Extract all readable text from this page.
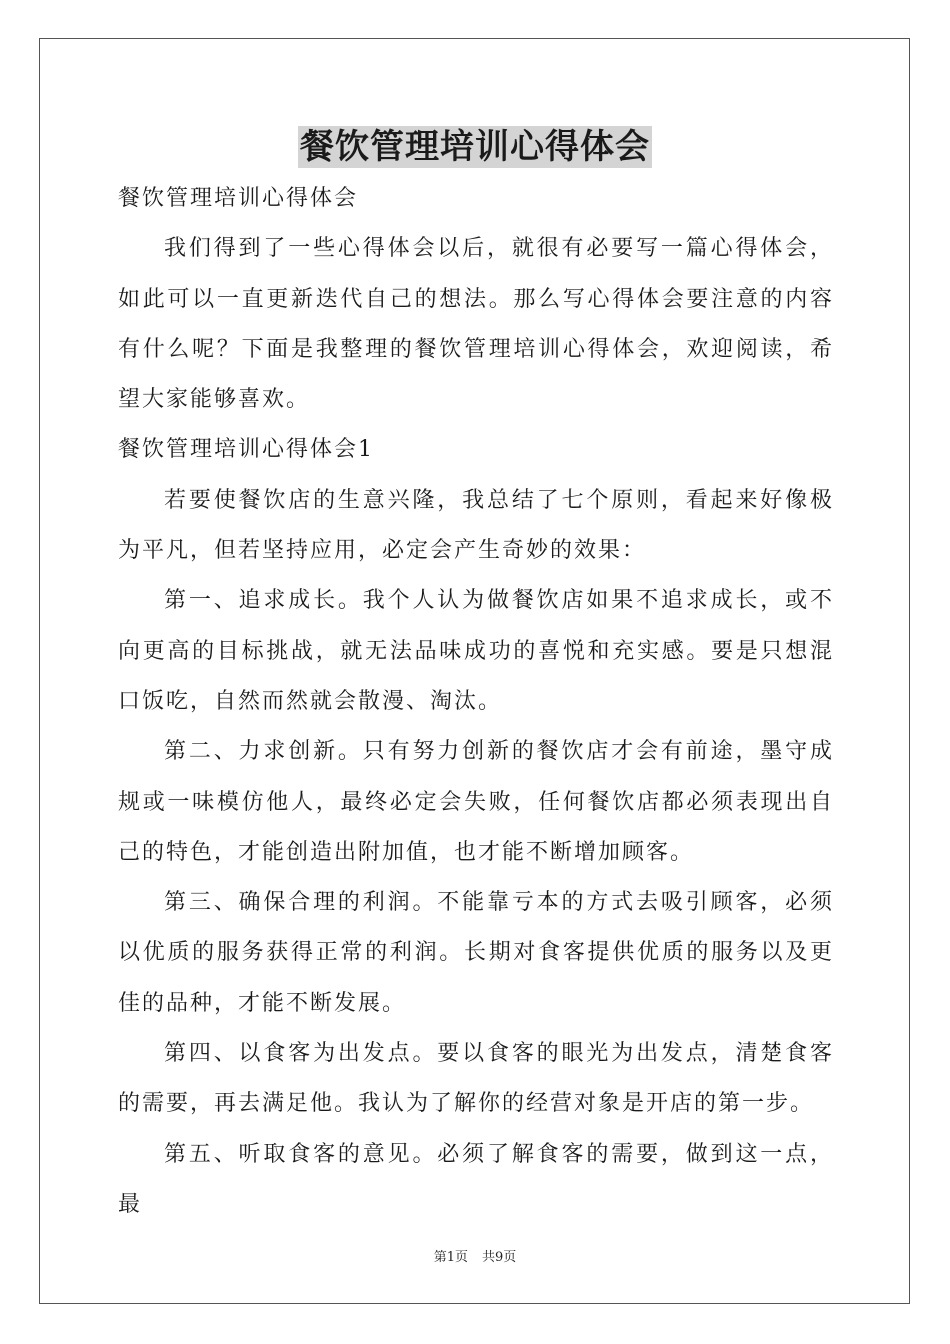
餐饮管理培训心得体会

餐饮管理培训心得体会

我们得到了一些心得体会以后，就很有必要写一篇心得体会，如此可以一直更新迭代自己的想法。那么写心得体会要注意的内容有什么呢？下面是我整理的餐饮管理培训心得体会，欢迎阅读，希望大家能够喜欢。

餐饮管理培训心得体会1

若要使餐饮店的生意兴隆，我总结了七个原则，看起来好像极为平凡，但若坚持应用，必定会产生奇妙的效果：

第一、追求成长。我个人认为做餐饮店如果不追求成长，或不向更高的目标挑战，就无法品味成功的喜悦和充实感。要是只想混口饭吃，自然而然就会散漫、淘汰。

第二、力求创新。只有努力创新的餐饮店才会有前途，墨守成规或一味模仿他人，最终必定会失败，任何餐饮店都必须表现出自己的特色，才能创造出附加值，也才能不断增加顾客。

第三、确保合理的利润。不能靠亏本的方式去吸引顾客，必须以优质的服务获得正常的利润。长期对食客提供优质的服务以及更佳的品种，才能不断发展。

第四、以食客为出发点。要以食客的眼光为出发点，清楚食客的需要，再去满足他。我认为了解你的经营对象是开店的第一步。

第五、听取食客的意见。必须了解食客的需要，做到这一点，最

第1页 共9页
